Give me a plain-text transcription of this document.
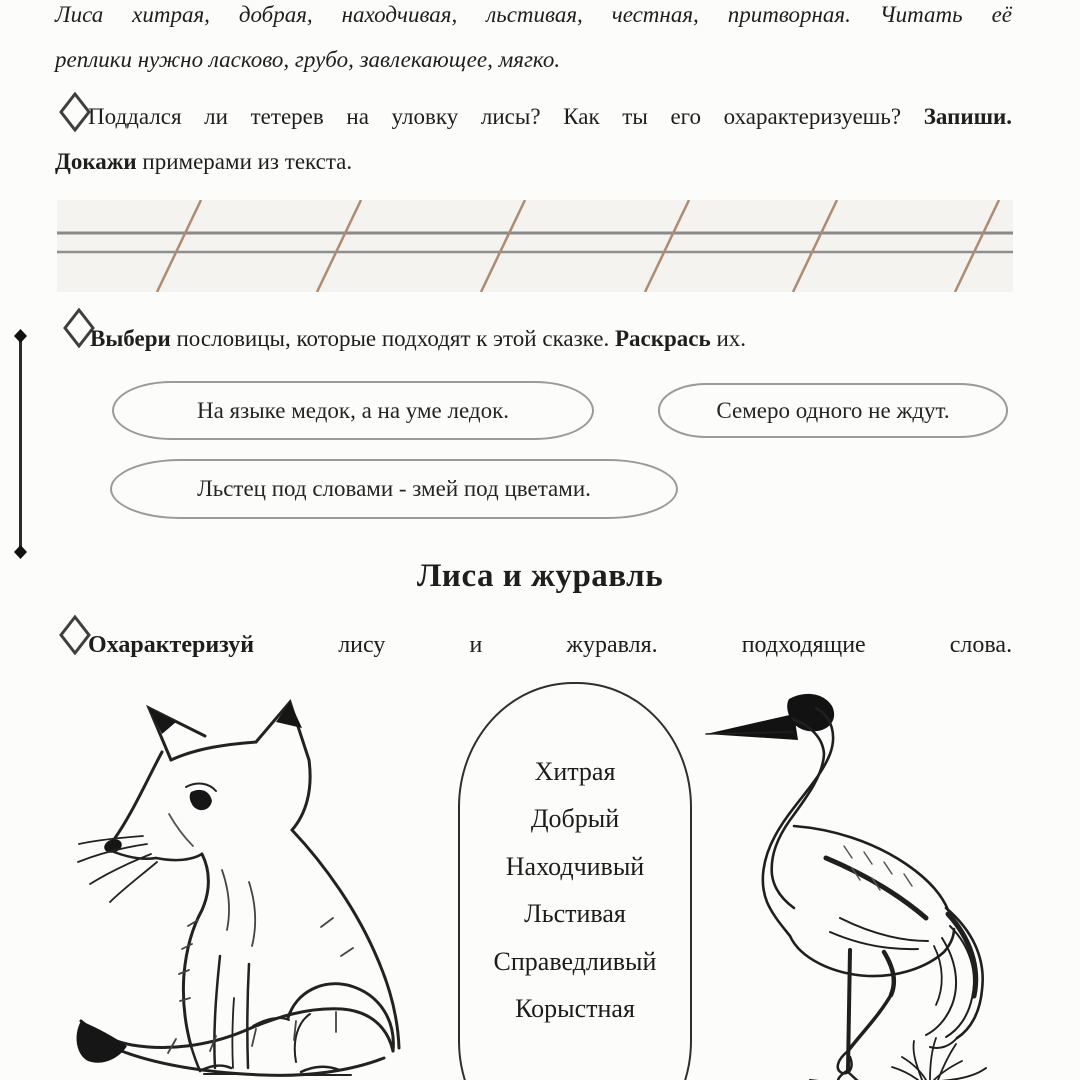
Лиса хитрая, добрая, находчивая, льстивая, честная, притворная. Читать её
реплики нужно ласково, грубо, завлекающее, мягко.
Поддался ли тетерев на уловку лисы? Как ты его охарактеризуешь? Запиши.
Докажи примерами из текста.
Выбери пословицы, которые подходят к этой сказке. Раскрась их.
На языке медок, а на уме ледок.	Семеро одного не ждут.
Льстец под словами - змей под цветами.
Лиса и журавль
Охарактеризуй	лису	и	журавля.	подходящие	слова.
Хитрая
Добрый
Находчивый
Льстивая
Справедливый
Корыстная
